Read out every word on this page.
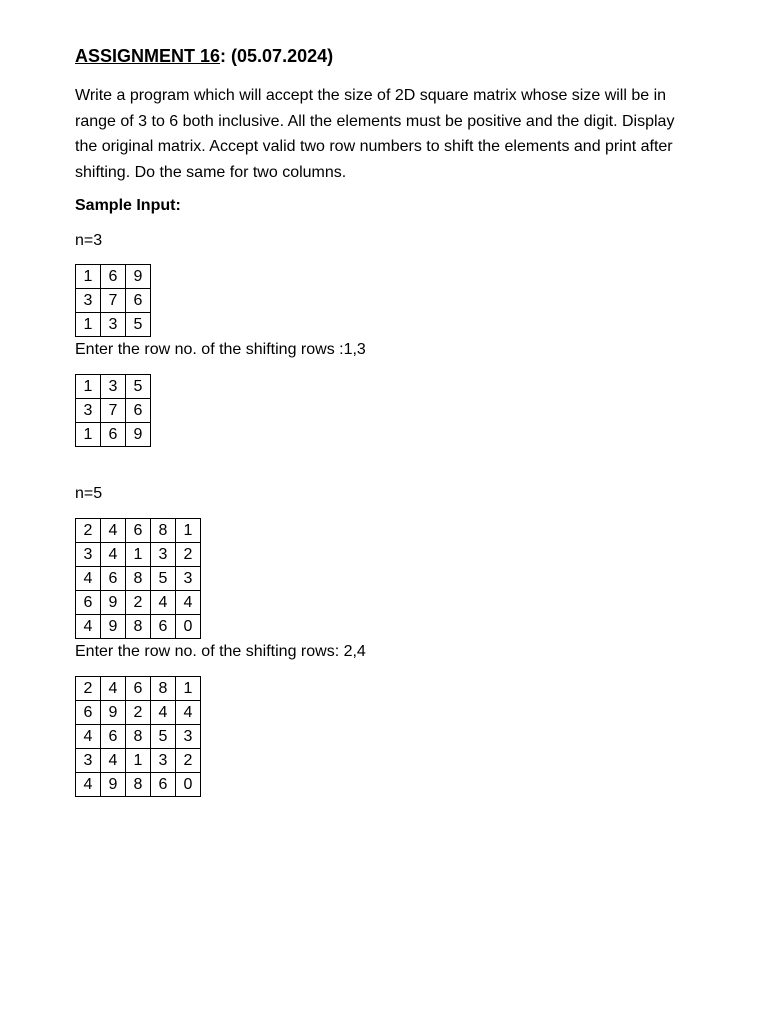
ASSIGNMENT 16: (05.07.2024)
Write a program which will accept the size of 2D square matrix whose size will be in range of 3 to 6 both inclusive. All the elements must be positive and the digit. Display the original matrix. Accept valid two row numbers to shift the elements and print after shifting. Do the same for two columns.
Sample Input:
n=3
1	6	9
3	7	6
1	3	5
Enter the row no. of the shifting rows :1,3
1	3	5
3	7	6
1	6	9
n=5
2	4	6	8	1
3	4	1	3	2
4	6	8	5	3
6	9	2	4	4
4	9	8	6	0
Enter the row no. of the shifting rows: 2,4
2	4	6	8	1
6	9	2	4	4
4	6	8	5	3
3	4	1	3	2
4	9	8	6	0
